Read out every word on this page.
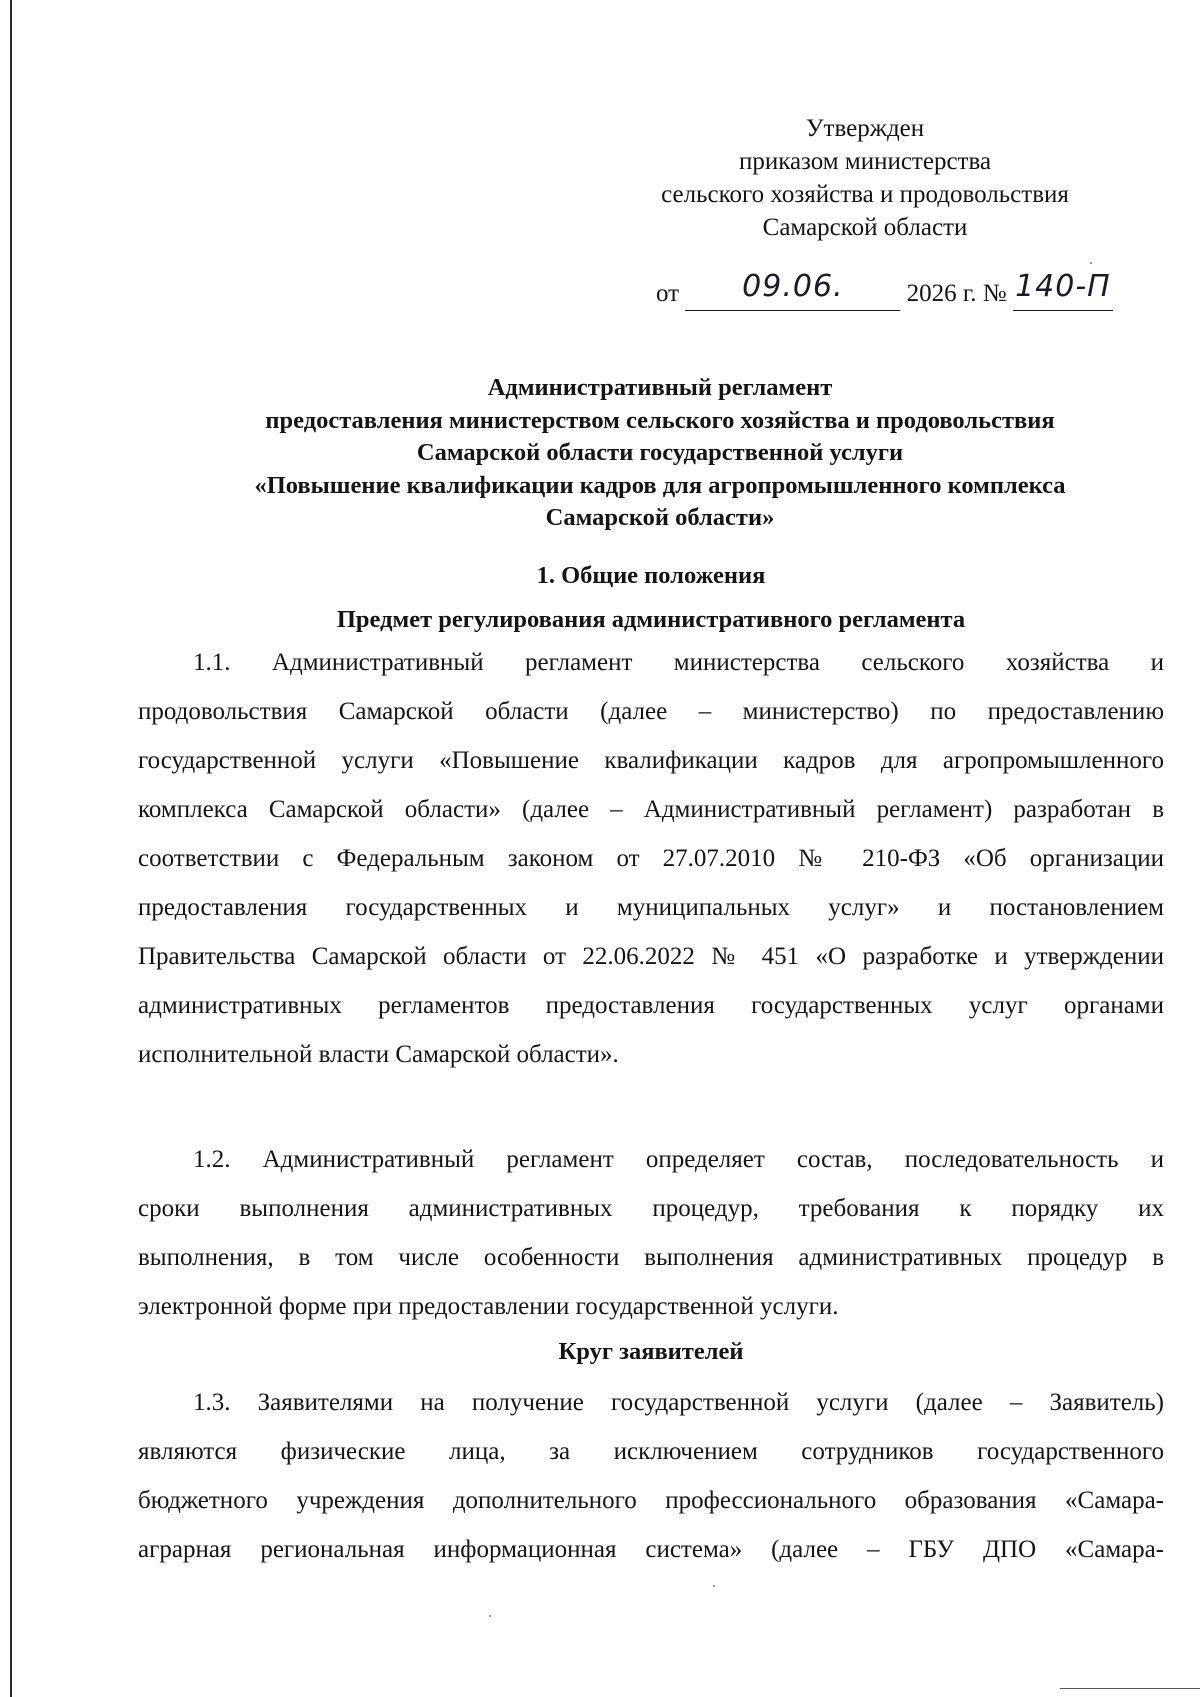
Утвержден
приказом министерства
сельского хозяйства и продовольствия
Самарской области
от 09.06.	2026 г. № 140-П
Административный регламент
предоставления министерством сельского хозяйства и продовольствия
Самарской области государственной услуги
«Повышение квалификации кадров для агропромышленного комплекса
Самарской области»
1. Общие положения
Предмет регулирования административного регламента
1.1. Административный регламент министерства сельского хозяйства и
продовольствия Самарской области (далее – министерство) по предоставлению
государственной услуги «Повышение квалификации кадров для агропромышленного
комплекса Самарской области» (далее – Административный регламент) разработан в
соответствии с Федеральным законом от 27.07.2010 № 210-ФЗ «Об организации
предоставления государственных и муниципальных услуг» и постановлением
Правительства Самарской области от 22.06.2022 № 451 «О разработке и утверждении
административных регламентов предоставления государственных услуг органами
исполнительной власти Самарской области».
1.2. Административный регламент определяет состав, последовательность и
сроки выполнения административных процедур, требования к порядку их
выполнения, в том числе особенности выполнения административных процедур в
электронной форме при предоставлении государственной услуги.
Круг заявителей
1.3. Заявителями на получение государственной услуги (далее – Заявитель)
являются физические лица, за исключением сотрудников государственного
бюджетного учреждения дополнительного профессионального образования «Самара-
аграрная региональная информационная система» (далее – ГБУ ДПО «Самара-
